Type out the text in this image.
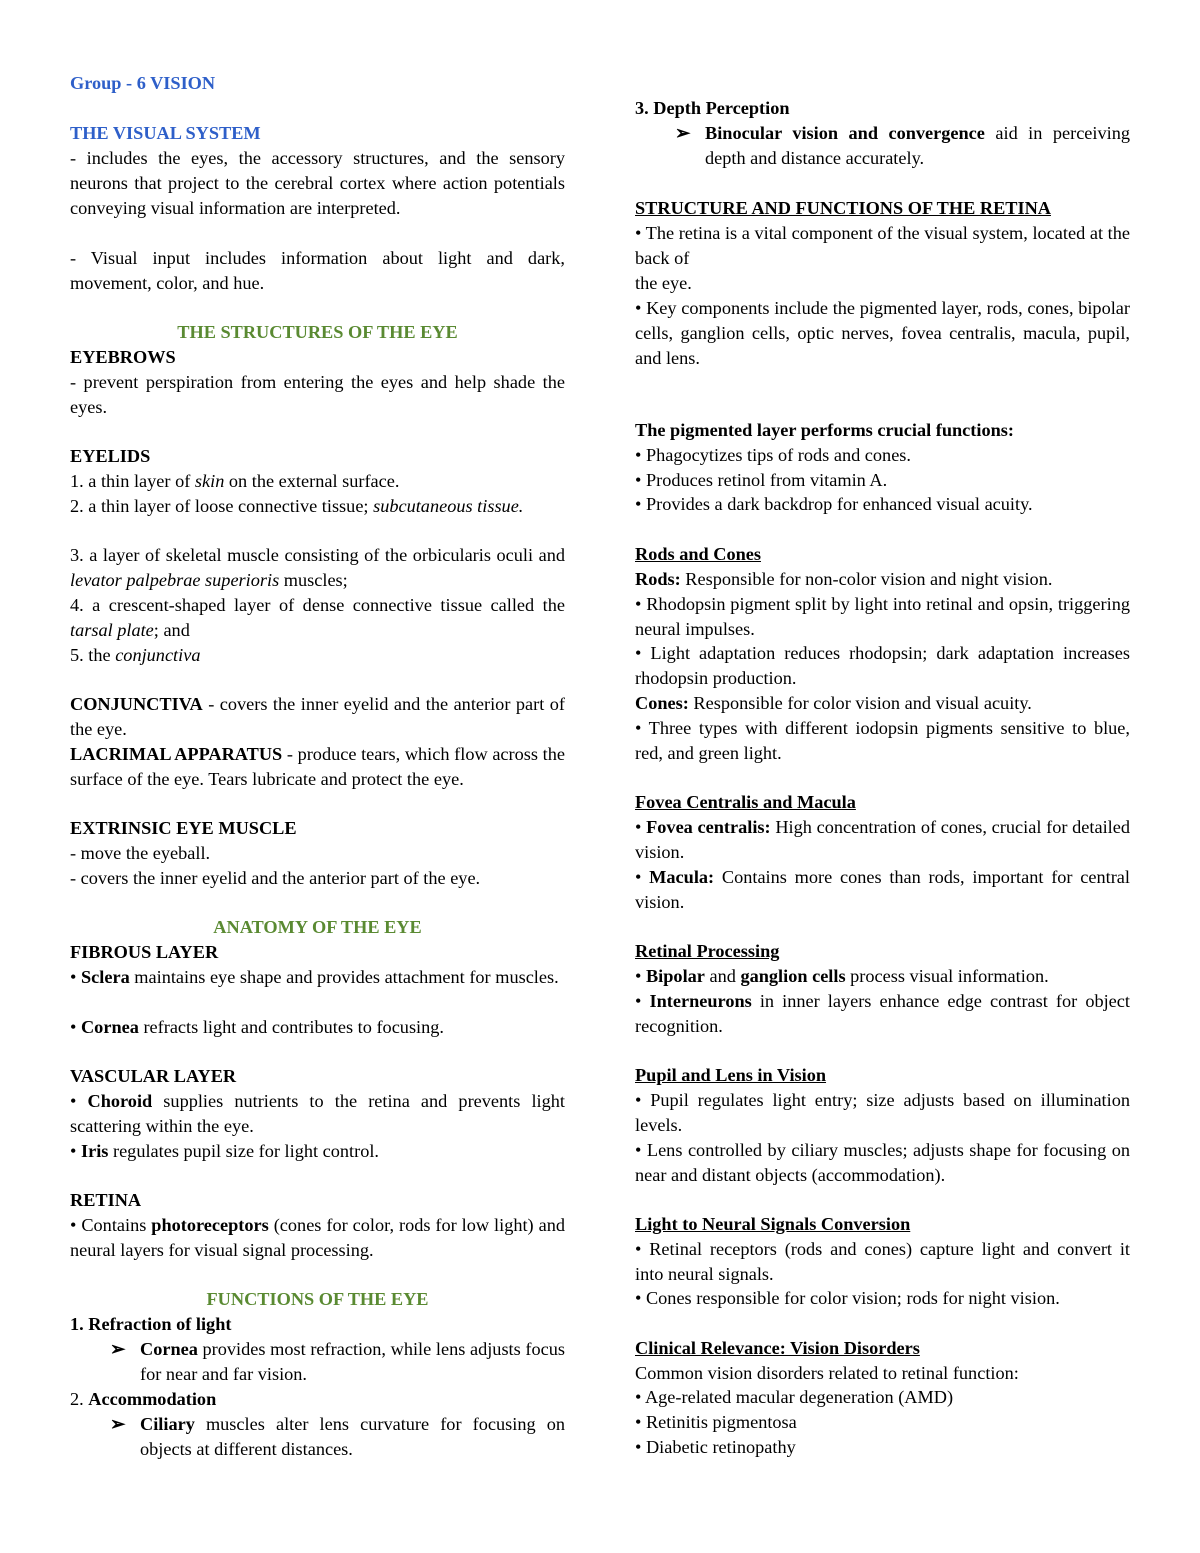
Group - 6 VISION
THE VISUAL SYSTEM
- includes the eyes, the accessory structures, and the sensory neurons that project to the cerebral cortex where action potentials conveying visual information are interpreted.
- Visual input includes information about light and dark, movement, color, and hue.
THE STRUCTURES OF THE EYE
EYEBROWS
- prevent perspiration from entering the eyes and help shade the eyes.
EYELIDS
1. a thin layer of skin on the external surface.
2. a thin layer of loose connective tissue; subcutaneous tissue.
3. a layer of skeletal muscle consisting of the orbicularis oculi and levator palpebrae superioris muscles;
4. a crescent-shaped layer of dense connective tissue called the tarsal plate; and
5. the conjunctiva
CONJUNCTIVA - covers the inner eyelid and the anterior part of the eye.
LACRIMAL APPARATUS - produce tears, which flow across the surface of the eye. Tears lubricate and protect the eye.
EXTRINSIC EYE MUSCLE
- move the eyeball.
- covers the inner eyelid and the anterior part of the eye.
ANATOMY OF THE EYE
FIBROUS LAYER
• Sclera maintains eye shape and provides attachment for muscles.
• Cornea refracts light and contributes to focusing.
VASCULAR LAYER
• Choroid supplies nutrients to the retina and prevents light scattering within the eye.
• Iris regulates pupil size for light control.
RETINA
• Contains photoreceptors (cones for color, rods for low light) and neural layers for visual signal processing.
FUNCTIONS OF THE EYE
1. Refraction of light
➢ Cornea provides most refraction, while lens adjusts focus for near and far vision.
2. Accommodation
➢ Ciliary muscles alter lens curvature for focusing on objects at different distances.
3. Depth Perception
➢ Binocular vision and convergence aid in perceiving depth and distance accurately.
STRUCTURE AND FUNCTIONS OF THE RETINA
• The retina is a vital component of the visual system, located at the back of
the eye.
• Key components include the pigmented layer, rods, cones, bipolar cells, ganglion cells, optic nerves, fovea centralis, macula, pupil, and lens.
The pigmented layer performs crucial functions:
• Phagocytizes tips of rods and cones.
• Produces retinol from vitamin A.
• Provides a dark backdrop for enhanced visual acuity.
Rods and Cones
Rods: Responsible for non-color vision and night vision.
• Rhodopsin pigment split by light into retinal and opsin, triggering neural impulses.
• Light adaptation reduces rhodopsin; dark adaptation increases rhodopsin production.
Cones: Responsible for color vision and visual acuity.
• Three types with different iodopsin pigments sensitive to blue, red, and green light.
Fovea Centralis and Macula
• Fovea centralis: High concentration of cones, crucial for detailed vision.
• Macula: Contains more cones than rods, important for central vision.
Retinal Processing
• Bipolar and ganglion cells process visual information.
• Interneurons in inner layers enhance edge contrast for object recognition.
Pupil and Lens in Vision
• Pupil regulates light entry; size adjusts based on illumination levels.
• Lens controlled by ciliary muscles; adjusts shape for focusing on near and distant objects (accommodation).
Light to Neural Signals Conversion
• Retinal receptors (rods and cones) capture light and convert it into neural signals.
• Cones responsible for color vision; rods for night vision.
Clinical Relevance: Vision Disorders
Common vision disorders related to retinal function:
• Age-related macular degeneration (AMD)
• Retinitis pigmentosa
• Diabetic retinopathy
